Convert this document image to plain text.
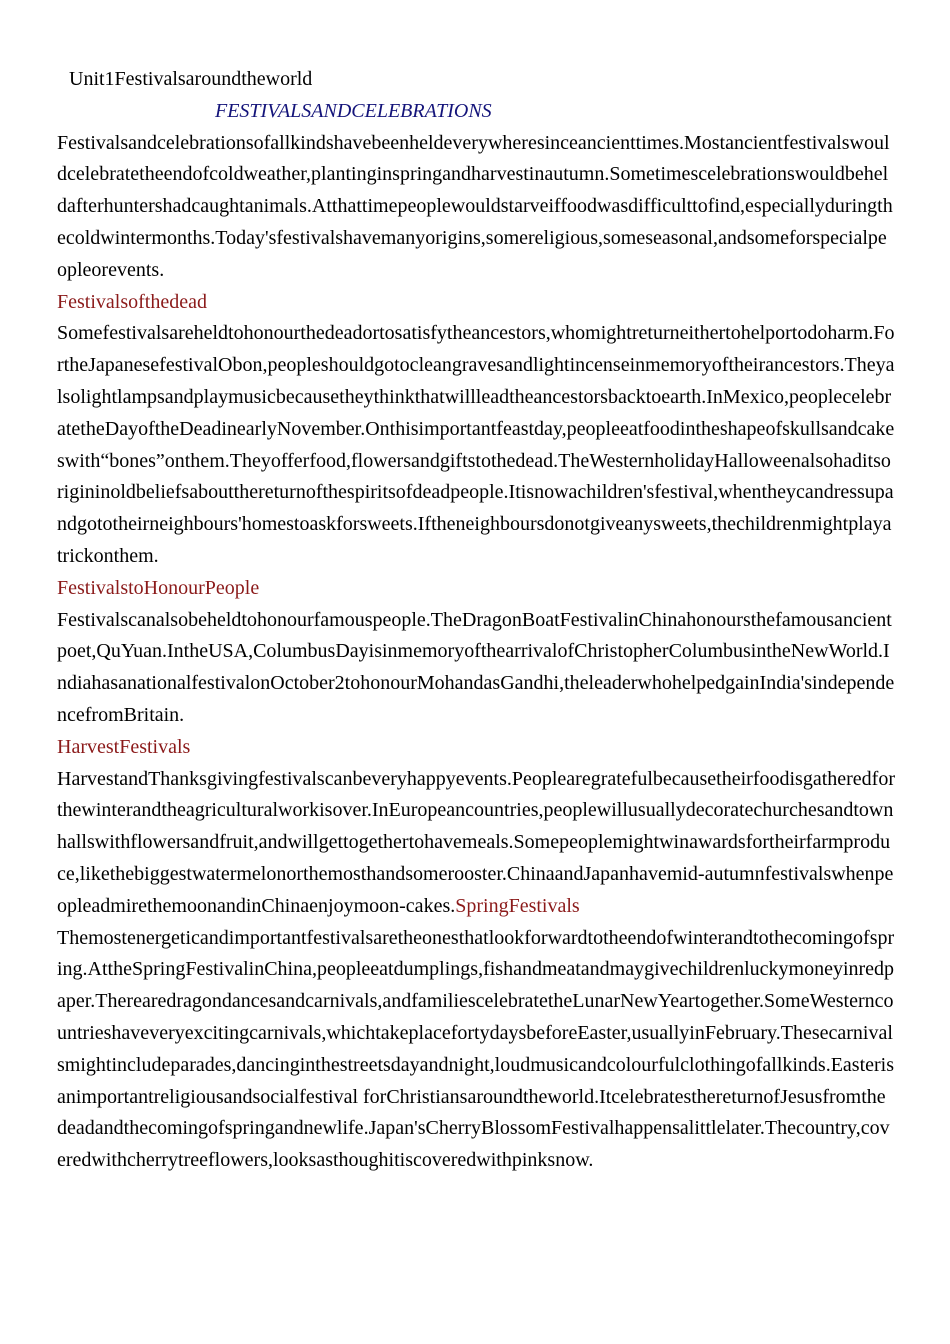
Unit1Festivalsaroundtheworld
FESTIVALSANDCELEBRATIONS

Festivalsandcelebrationsofallkindshavebeenheldeverywheresinceancienttimes.Mostancientfestivalswouldcelebratetheendofcoldweather,plantinginspringandharvestinautumn.Sometimescelebrationswouldbeheldafterhuntershadcaughtanimals.Atthattimepeoplewouldstarveiffoodwasdifficulttofind,especiallyduringthecoldwintermonths.Today'sfestivalshavemanyorigins,somereligious,someseasonal,andsomeforspecialpeopleorevents.

Festivalsofthedead

Somefestivalsareheldtohonourthedeadortosatisfytheancestors,whomightreturneithertohelportodoharm.FortheJapanesefestivalObon,peopleshouldgotocleangravesandlightincenseinmemoryoftheirancestors.Theyalsolightlampsandplaymusicbecausetheythinkthatwillleadtheancestorsbacktoearth.InMexico,peoplecelebratetheDayoftheDeadinearlyNovember.Onthisimportantfeastday,peopleeatfoodintheshapeofskullsandcakeswith“bones”onthem.Theyofferfood,flowersandgiftstothedead.TheWesternholidayHalloweenalsohaditsorigininoldbeliefsaboutthereturnofthespiritsofdeadpeople.Itisnowachildren'sfestival,whentheycandressupandgototheirneighbours'homestoaskforsweets.Iftheneighboursdonotgiveanysweets,thechildrenmightplayatrickonthem.

FestivalstoHonourPeople

Festivalscanalsobeheldtohonourfamouspeople.TheDragonBoatFestivalinChinahonoursthefamousancientpoet,QuYuan.IntheUSA,ColumbusDayisinmemoryofthearrivalofChristopherColumbusintheNewWorld.IndiahasanationalfestivalonOctober2tohonourMohandasGandhi,theleaderwhohelpedgainIndia'sindependencefromBritain.

HarvestFestivals

HarvestandThanksgivingfestivalscanbeveryhappyevents.Peoplearegratefulbecausetheirfoodisgatheredforthewinterandtheagriculturalworkisover.InEuropeancountries,peoplewillusuallydecoratechurchesandtownhallswithflowersandfruit,andwillgettogethertohavemeals.Somepeoplemightwinawardsfortheirfarmproduce,likethebiggestwatermelonorthemosthandsomerooster.ChinaandJapanhavemid-autumnfestivalswhenpeopleadmirethemoonandinChinaenjoymoon-cakes.SpringFestivals

Themostenergeticandimportantfestivalsaretheonesthatlookforwardtotheendofwinterandtothecomingofspring.AttheSpringFestivalinChina,peopleeatdumplings,fishandmeatandmaygivechildrenluckymoneyinredpaper.Therearedragondancesandcarnivals,andfamiliescelebratetheLunarNewYeartogether.SomeWesterncountrieshaveveryexcitingcarnivals,whichtakeplacefortydaysbeforeEaster,usuallyinFebruary.Thesecarnivalsmightincludeparades,dancinginthestreetsdayandnight,loudmusicandcolourfulclothingofallkinds.Easterisanimportantreligiousandsocialfestival forChristiansaroundtheworld.ItcelebratesthereturnofJesusfromthedeadandthecomingofspringandnewlife.Japan'sCherryBlossomFestivalhappensalittlelater.Thecountry,coveredwithcherrytreeflowers,looksasthoughitiscoveredwithpinksnow.
